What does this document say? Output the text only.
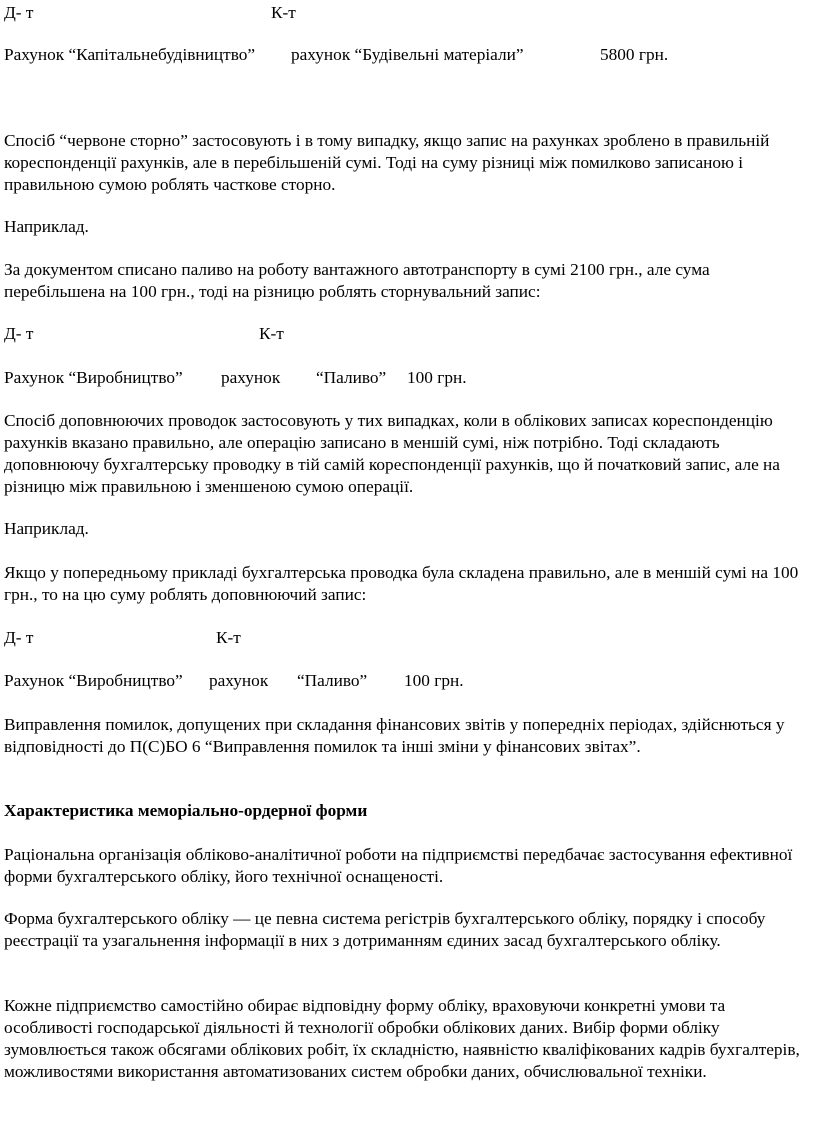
Д- т	К-т
Рахунок “Капітальнебудівництво” рахунок “Будівельні матеріали”	5800 грн.

Спосіб “червоне сторно” застосовують і в тому випадку, якщо запис на рахунках зроблено в правильній кореспонденції рахунків, але в перебільшеній сумі. Тоді на суму різниці між помилково записаною і правильною сумою роблять часткове сторно.

Наприклад.

За документом списано паливо на роботу вантажного автотранспорту в сумі 2100 грн., але сума перебільшена на 100 грн., тоді на різницю роблять сторнувальний запис:

Д- т	К-т
Рахунок “Виробництво” рахунок “Паливо” 100 грн.

Спосіб доповнюючих проводок застосовують у тих випадках, коли в облікових записах кореспонденцію рахунків вказано правильно, але операцію записано в меншій сумі, ніж потрібно. Тоді складають доповнюючу бухгалтерську проводку в тій самій кореспонденції рахунків, що й початковий запис, але на різницю між правильною і зменшеною сумою операції.

Наприклад.

Якщо у попередньому прикладі бухгалтерська проводка була складена правильно, але в меншій сумі на 100 грн., то на цю суму роблять доповнюючий запис:

Д- т	К-т
Рахунок “Виробництво” рахунок “Паливо” 100 грн.

Виправлення помилок, допущених при складання фінансових звітів у попередніх періодах, здійснються у відповідності до П(С)БО 6 “Виправлення помилок та інші зміни у фінансових звітах”.

Характеристика меморіально-ордерної форми

Раціональна організація обліково-аналітичної роботи на підприємстві передбачає застосування ефективної форми бухгалтерського обліку, його технічної оснащеності.

Форма бухгалтерського обліку — це певна система регістрів бухгалтерського обліку, порядку і способу реєстрації та узагальнення інформації в них з дотриманням єдиних засад бухгалтерського обліку.

Кожне підприємство самостійно обирає відповідну форму обліку, враховуючи конкретні умови та особливості господарської діяльності й технології обробки облікових даних. Вибір форми обліку зумовлюється також обсягами облікових робіт, їх складністю, наявністю кваліфікованих кадрів бухгалтерів, можливостями використання автоматизованих систем обробки даних, обчислювальної техніки.
